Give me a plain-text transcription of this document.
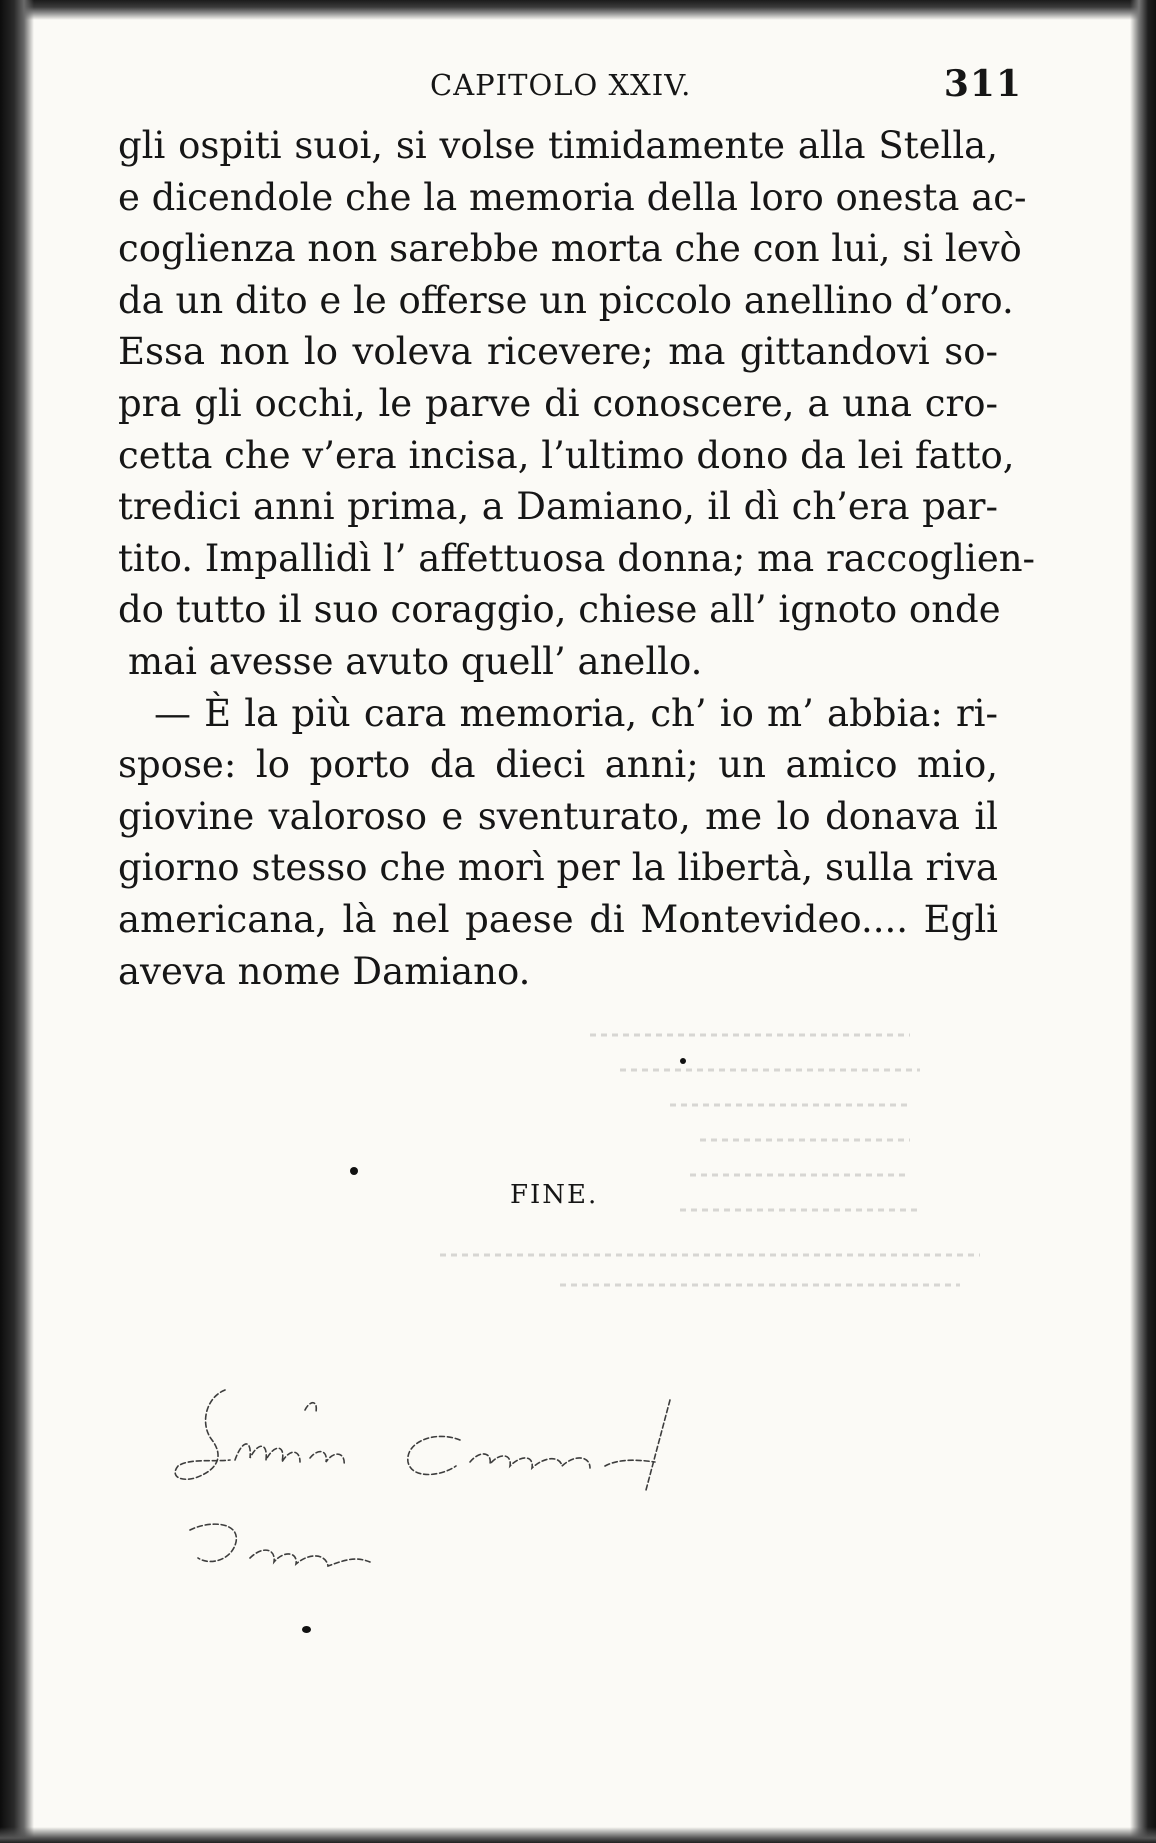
CAPITOLO XXIV.	311
gli ospiti suoi, si volse timidamente alla Stella,
e dicendole che la memoria della loro onesta ac-
coglienza non sarebbe morta che con lui, si levò
da un dito e le offerse un piccolo anellino d’oro.
Essa non lo voleva ricevere; ma gittandovi so-
pra gli occhi, le parve di conoscere, a una cro-
cetta che v’era incisa, l’ultimo dono da lei fatto,
tredici anni prima, a Damiano, il dì ch’era par-
tito. Impallidì l’ affettuosa donna; ma raccoglien-
do tutto il suo coraggio, chiese all’ ignoto onde
mai avesse avuto quell’ anello.
— È la più cara memoria, ch’ io m’ abbia: ri-
spose: lo porto da dieci anni; un amico mio,
giovine valoroso e sventurato, me lo donava il
giorno stesso che morì per la libertà, sulla riva
americana, là nel paese di Montevideo.... Egli
aveva nome Damiano.
FINE.
Enrico Ermanno Pavia
